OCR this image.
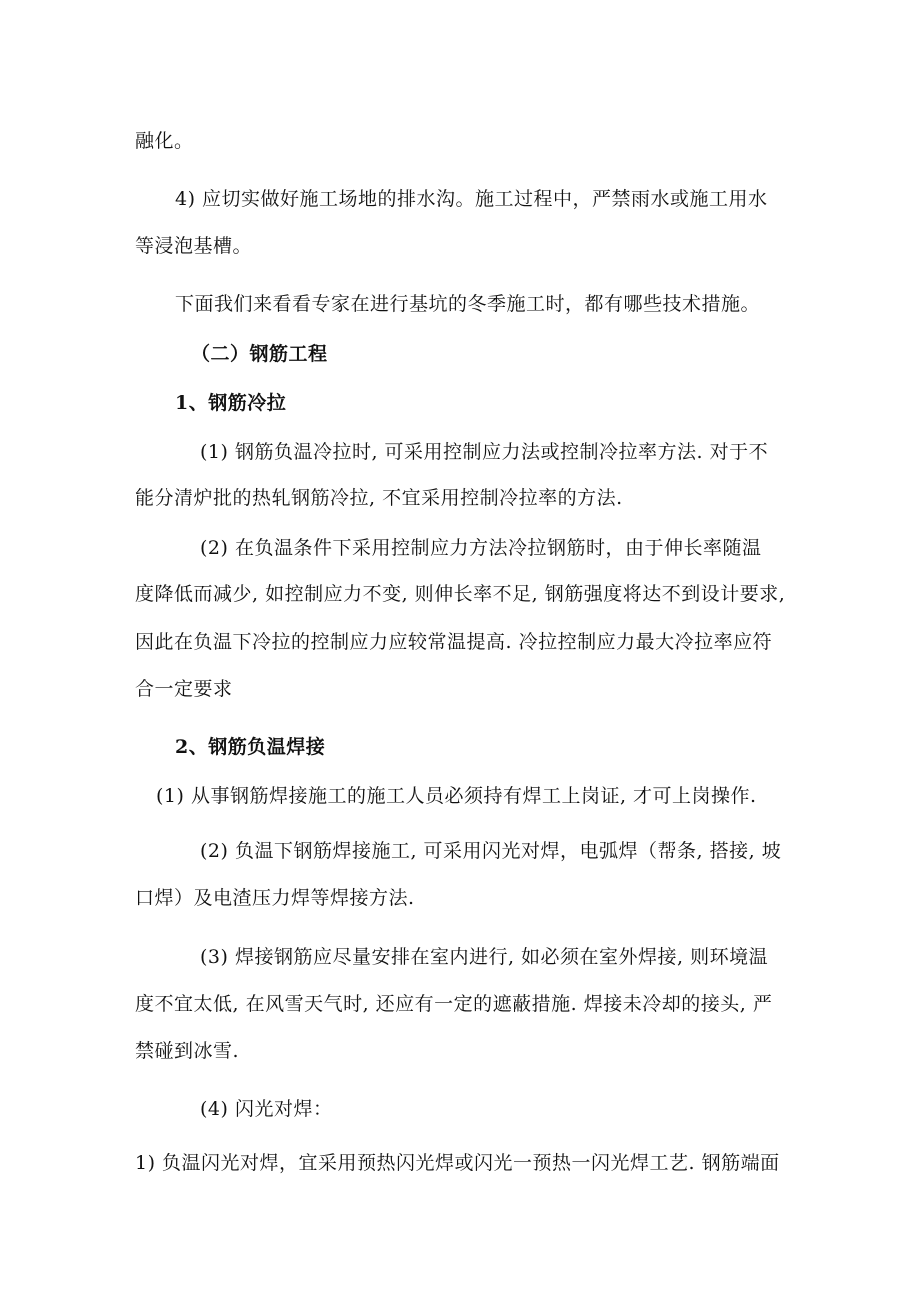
融化。
4) 应切实做好施工场地的排水沟。施工过程中，严禁雨水或施工用水
等浸泡基槽。
下面我们来看看专家在进行基坑的冬季施工时，都有哪些技术措施。
（二）钢筋工程
1、钢筋冷拉
(1) 钢筋负温冷拉时, 可采用控制应力法或控制冷拉率方法. 对于不
能分清炉批的热轧钢筋冷拉, 不宜采用控制冷拉率的方法.
(2) 在负温条件下采用控制应力方法冷拉钢筋时，由于伸长率随温
度降低而减少, 如控制应力不变, 则伸长率不足, 钢筋强度将达不到设计要求,
因此在负温下冷拉的控制应力应较常温提高. 冷拉控制应力最大冷拉率应符
合一定要求
2、钢筋负温焊接
(1) 从事钢筋焊接施工的施工人员必须持有焊工上岗证, 才可上岗操作.
(2) 负温下钢筋焊接施工, 可采用闪光对焊，电弧焊（帮条, 搭接, 坡
口焊）及电渣压力焊等焊接方法.
(3) 焊接钢筋应尽量安排在室内进行, 如必须在室外焊接, 则环境温
度不宜太低, 在风雪天气时, 还应有一定的遮蔽措施. 焊接未冷却的接头, 严
禁碰到冰雪.
(4) 闪光对焊：
1) 负温闪光对焊，宜采用预热闪光焊或闪光一预热一闪光焊工艺. 钢筋端面
